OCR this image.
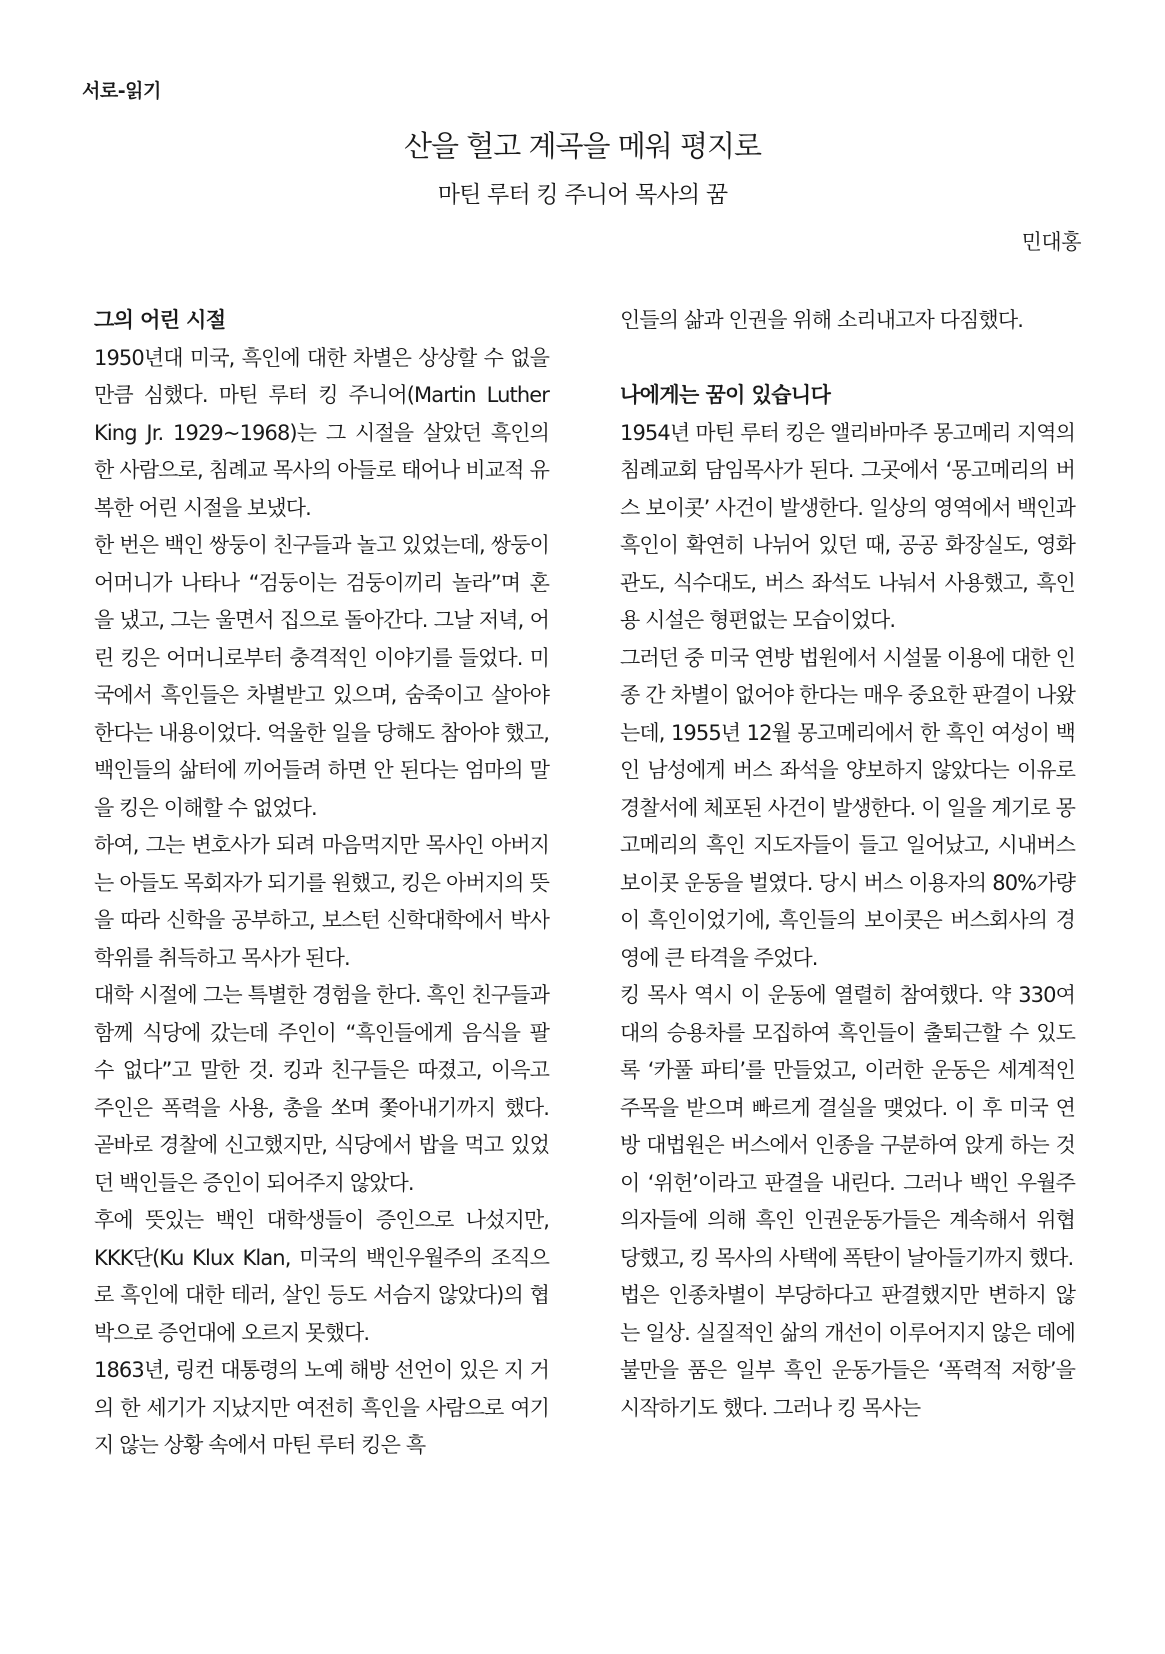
서로-읽기
산을 헐고 계곡을 메워 평지로
마틴 루터 킹 주니어 목사의 꿈
민대홍

그의 어린 시절

1950년대 미국, 흑인에 대한 차별은 상상할 수 없을 만큼 심했다. 마틴 루터 킹 주니어(Martin Luther King Jr. 1929~1968)는 그 시절을 살았던 흑인의 한 사람으로, 침례교 목사의 아들로 태어나 비교적 유복한 어린 시절을 보냈다.

한 번은 백인 쌍둥이 친구들과 놀고 있었는데, 쌍둥이 어머니가 나타나 “검둥이는 검둥이끼리 놀라”며 혼을 냈고, 그는 울면서 집으로 돌아간다. 그날 저녁, 어린 킹은 어머니로부터 충격적인 이야기를 들었다. 미국에서 흑인들은 차별받고 있으며, 숨죽이고 살아야 한다는 내용이었다. 억울한 일을 당해도 참아야 했고, 백인들의 삶터에 끼어들려 하면 안 된다는 엄마의 말을 킹은 이해할 수 없었다.

하여, 그는 변호사가 되려 마음먹지만 목사인 아버지는 아들도 목회자가 되기를 원했고, 킹은 아버지의 뜻을 따라 신학을 공부하고, 보스턴 신학대학에서 박사학위를 취득하고 목사가 된다.

대학 시절에 그는 특별한 경험을 한다. 흑인 친구들과 함께 식당에 갔는데 주인이 “흑인들에게 음식을 팔 수 없다”고 말한 것. 킹과 친구들은 따졌고, 이윽고 주인은 폭력을 사용, 총을 쏘며 쫓아내기까지 했다. 곧바로 경찰에 신고했지만, 식당에서 밥을 먹고 있었던 백인들은 증인이 되어주지 않았다.

후에 뜻있는 백인 대학생들이 증인으로 나섰지만, KKK단(Ku Klux Klan, 미국의 백인우월주의 조직으로 흑인에 대한 테러, 살인 등도 서슴지 않았다)의 협박으로 증언대에 오르지 못했다.

1863년, 링컨 대통령의 노예 해방 선언이 있은 지 거의 한 세기가 지났지만 여전히 흑인을 사람으로 여기지 않는 상황 속에서 마틴 루터 킹은 흑

인들의 삶과 인권을 위해 소리내고자 다짐했다.

나에게는 꿈이 있습니다

1954년 마틴 루터 킹은 앨리바마주 몽고메리 지역의 침례교회 담임목사가 된다. 그곳에서 ‘몽고메리의 버스 보이콧’ 사건이 발생한다. 일상의 영역에서 백인과 흑인이 확연히 나뉘어 있던 때, 공공 화장실도, 영화관도, 식수대도, 버스 좌석도 나눠서 사용했고, 흑인용 시설은 형편없는 모습이었다.

그러던 중 미국 연방 법원에서 시설물 이용에 대한 인종 간 차별이 없어야 한다는 매우 중요한 판결이 나왔는데, 1955년 12월 몽고메리에서 한 흑인 여성이 백인 남성에게 버스 좌석을 양보하지 않았다는 이유로 경찰서에 체포된 사건이 발생한다. 이 일을 계기로 몽고메리의 흑인 지도자들이 들고 일어났고, 시내버스 보이콧 운동을 벌였다. 당시 버스 이용자의 80%가량이 흑인이었기에, 흑인들의 보이콧은 버스회사의 경영에 큰 타격을 주었다.

킹 목사 역시 이 운동에 열렬히 참여했다. 약 330여 대의 승용차를 모집하여 흑인들이 출퇴근할 수 있도록 ‘카풀 파티’를 만들었고, 이러한 운동은 세계적인 주목을 받으며 빠르게 결실을 맺었다. 이 후 미국 연방 대법원은 버스에서 인종을 구분하여 앉게 하는 것이 ‘위헌’이라고 판결을 내린다. 그러나 백인 우월주의자들에 의해 흑인 인권운동가들은 계속해서 위협당했고, 킹 목사의 사택에 폭탄이 날아들기까지 했다.

법은 인종차별이 부당하다고 판결했지만 변하지 않는 일상. 실질적인 삶의 개선이 이루어지지 않은 데에 불만을 품은 일부 흑인 운동가들은 ‘폭력적 저항’을 시작하기도 했다. 그러나 킹 목사는
